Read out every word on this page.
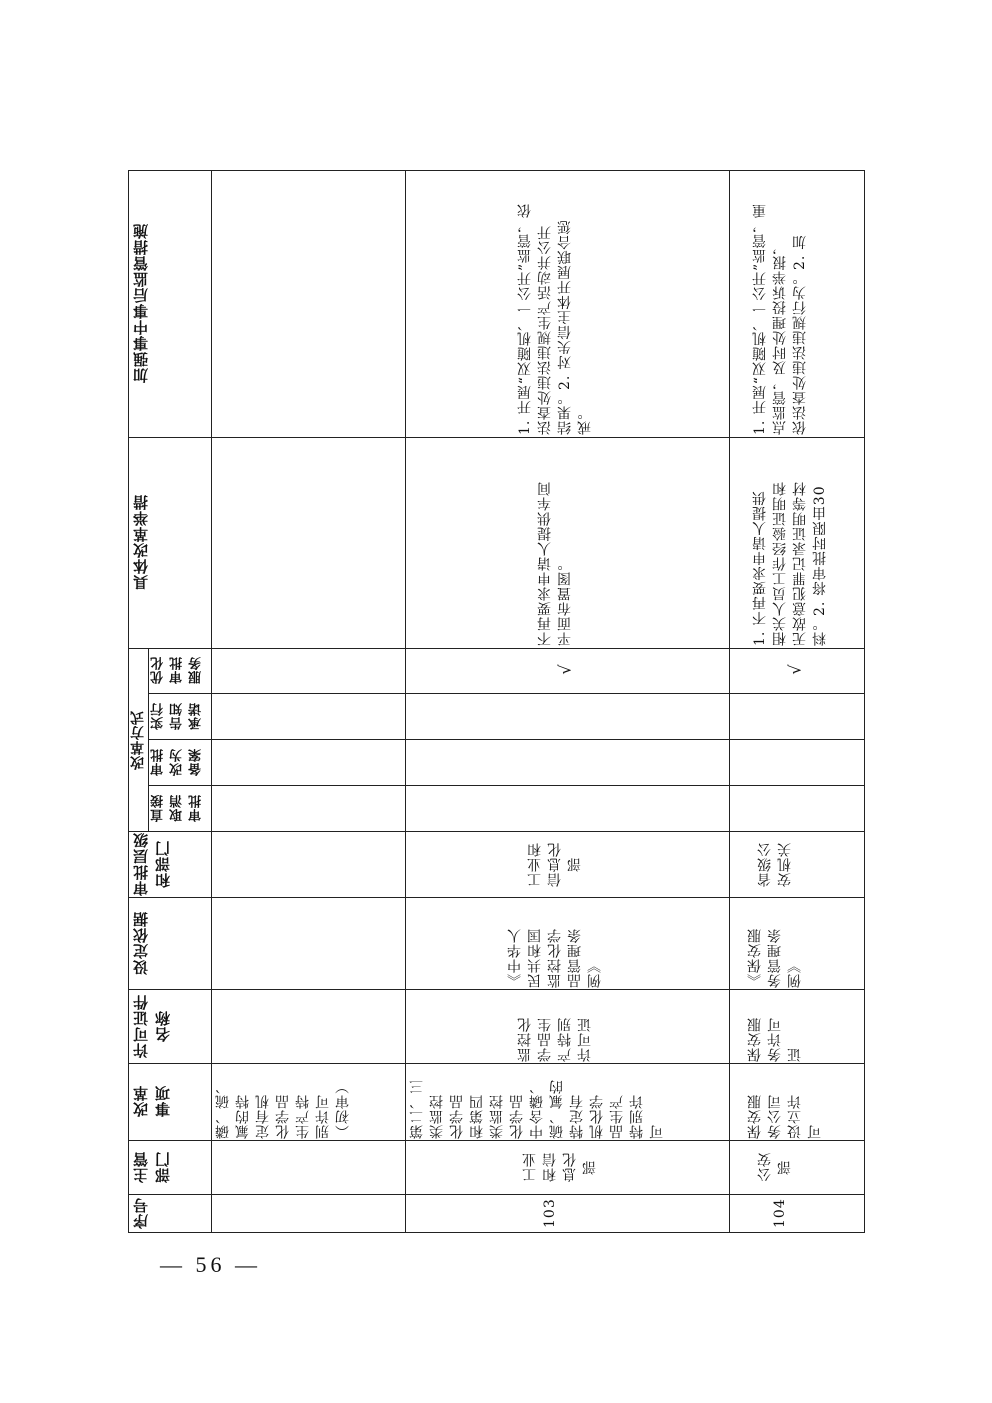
序号
主管
部门
改革
事项
许可证件
名称
设定依据
审批层级
和部门
改革方式
直接
取消
审批
审批
改为
备案
实行
告知
承诺
优化
审批
服务
具体改革举措
加强事中事后监管措施
磷、硫、
氟的特
定有机
化学品
生产特
别许可
（初审）
103
工业
和信
息化
部
第二、三
类监控
化学品
和第四
类监控
化学品
中含磷、
硫、氟的
特定有
机化学
品生产
特别许
可
监控化
学品生
产特别
许可证
《中华人
民共和国
监控化学
品管理条
例》
工业和
信息化
部
√
不再要求申请人提供车间
平面布置图。
1. 开展“双随机、一公开”监管，依
法查处违法违规生产活动并公开
结果。2. 对失信主体开展联合惩
戒。
104
公安
部
保安服
务公司
设立许
可
保安服
务许可
证
《保安服
务管理条
例》
省级公
安机关
√
1. 不再要求申请人提供
相关人员工作经验证明和
无故意犯罪记录证明等材
料。2. 将审批时限由30
1. 开展“双随机、一公开”监管，重
点监管，及时处理投诉举报，
依法查处违法违规行为。2. 加
— 56 —
